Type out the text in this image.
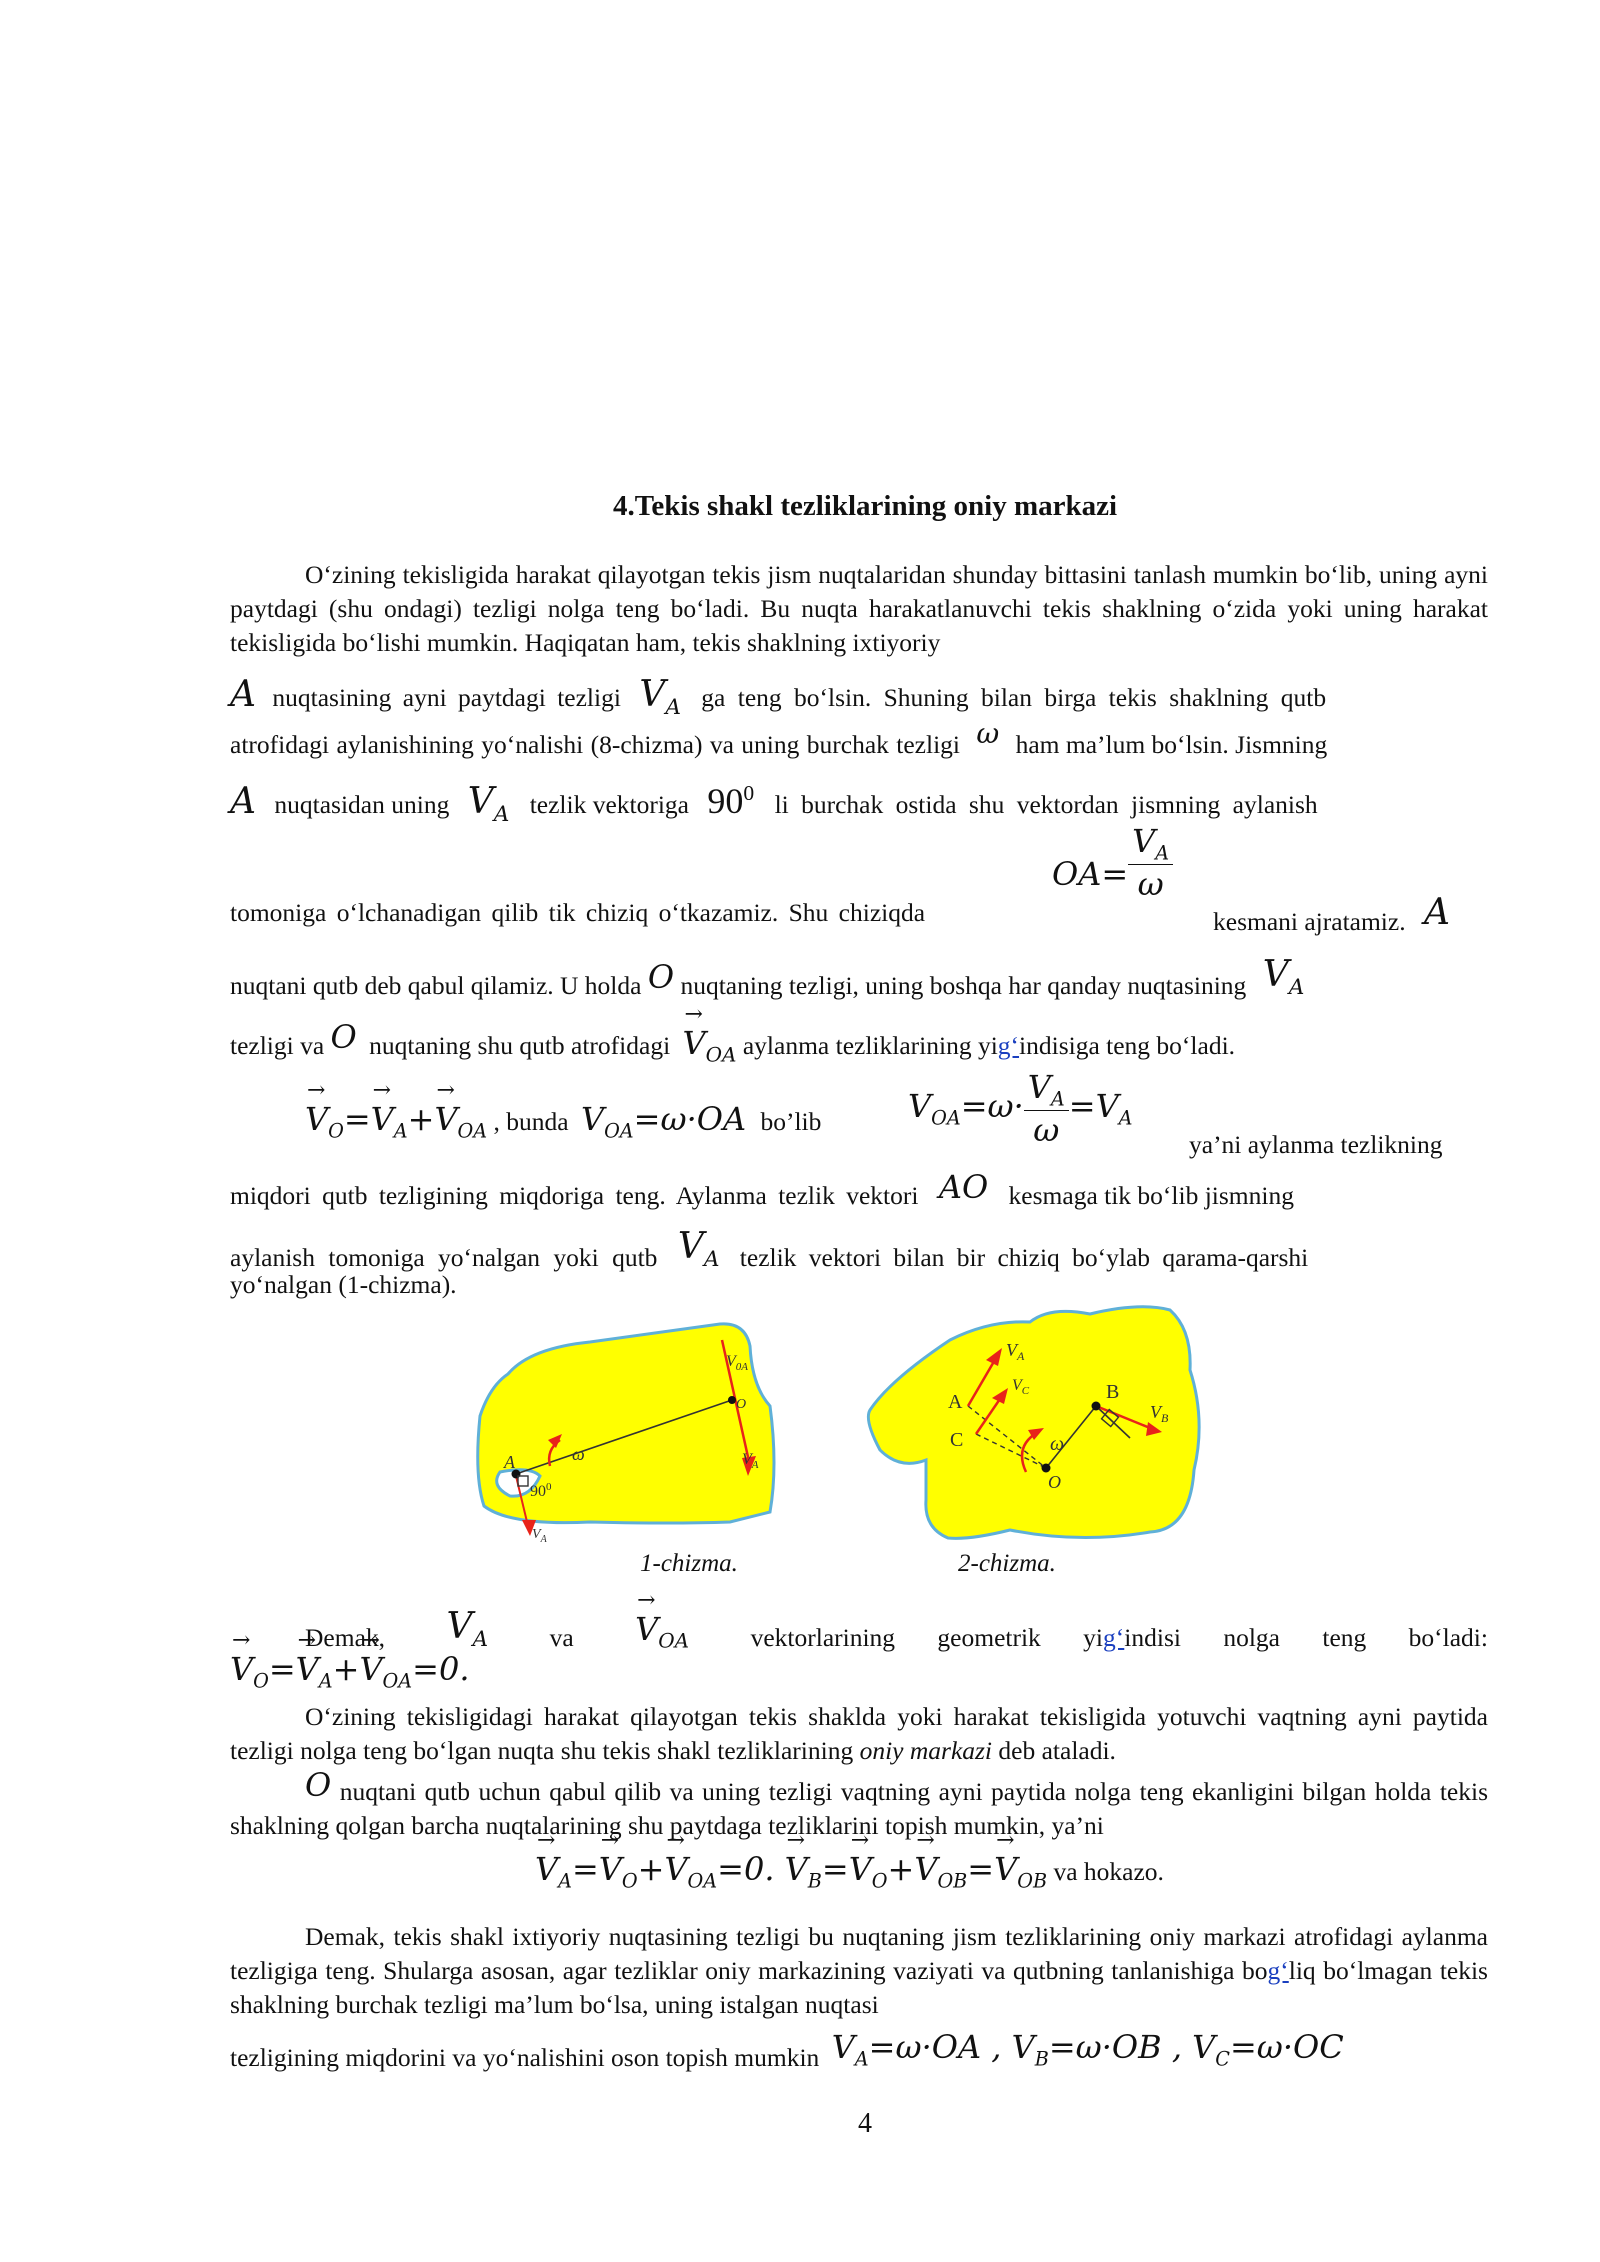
4.Tekis shakl tezliklarining oniy markazi
O‘zining tekisligida harakat qilayotgan tekis jism nuqtalaridan shunday bittasini tanlash mumkin bo‘lib, uning ayni paytdagi (shu ondagi) tezligi nolga teng bo‘ladi. Bu nuqta harakatlanuvchi tekis shaklning o‘zida yoki uning harakat tekisligida bo‘lishi mumkin. Haqiqatan ham, tekis shaklning ixtiyoriy
A nuqtasining ayni paytdagi tezligi $V_A$ ga teng bo‘lsin. Shuning bilan birga tekis shaklning qutb
atrofidagi aylanishining yo‘nalishi (8-chizma) va uning burchak tezligi ω ham ma’lum bo‘lsin. Jismning
A nuqtasidan uning $V_A$ tezlik vektoriga $90^0$ li burchak ostida shu vektordan jismning aylanish
tomoniga o‘lchanadigan qilib tik chiziq o‘tkazamiz. Shu chiziqda
$OA= \frac{V_A}{\omega}$
kesmani ajratamiz. A
nuqtani qutb deb qabul qilamiz. U holda O nuqtaning tezligi, uning boshqa har qanday nuqtasining $V_A$
tezligi va O nuqtaning shu qutb atrofidagi → $V_{OA}$ aylanma tezliklarining yig‘indisiga teng bo‘ladi.
→ $V_O=\to V_A+\to V_{OA}$ , bunda $V_{OA}=\omega\cdot OA$ bo’lib	$V_{OA}=\omega\cdot \frac{V_A}{\omega} =V_A$
ya’ni aylanma tezlikning
miqdori qutb tezligining miqdoriga teng. Aylanma tezlik vektori AO kesmaga tik bo‘lib jismning
aylanish tomoniga yo‘nalgan yoki qutb $V_A$ tezlik vektori bilan bir chiziq bo‘ylab qarama-qarshi
yo‘nalgan (1-chizma).
$V_{0A}$
O
$V_A$
A	ω
$90^0$
$V_A$
$V_A$
$V_C$
A
C
B
$V_B$
ω
O
1-chizma.	2-chizma.
Demak, $V_A$ va → $V_{OA}$ vektorlarining geometrik yig‘indisi nolga teng bo‘ladi:
→ $V_O=\to V_A+\to V_{OA}=0$.
O‘zining tekisligidagi harakat qilayotgan tekis shaklda yoki harakat tekisligida yotuvchi vaqtning ayni paytida tezligi nolga teng bo‘lgan nuqta shu tekis shakl tezliklarining oniy markazi deb ataladi.
O nuqtani qutb uchun qabul qilib va uning tezligi vaqtning ayni paytida nolga teng ekanligini bilgan holda tekis shaklning qolgan barcha nuqtalarining shu paytdaga tezliklarini topish mumkin, ya’ni
→ $V_A=\to V_O+\to V_{OA}=0$. → $V_B=\to V_O+\to V_{OB}=\to V_{OB}$ va hokazo.
Demak, tekis shakl ixtiyoriy nuqtasining tezligi bu nuqtaning jism tezliklarining oniy markazi atrofidagi aylanma tezligiga teng. Shularga asosan, agar tezliklar oniy markazining vaziyati va qutbning tanlanishiga bog‘liq bo‘lmagan tekis shaklning burchak tezligi ma’lum bo‘lsa, uning istalgan nuqtasi
tezligining miqdorini va yo‘nalishini oson topish mumkin $V_A=\omega\cdot OA$ , $V_B=\omega\cdot OB$ , $V_C=\omega\cdot OC$
4
